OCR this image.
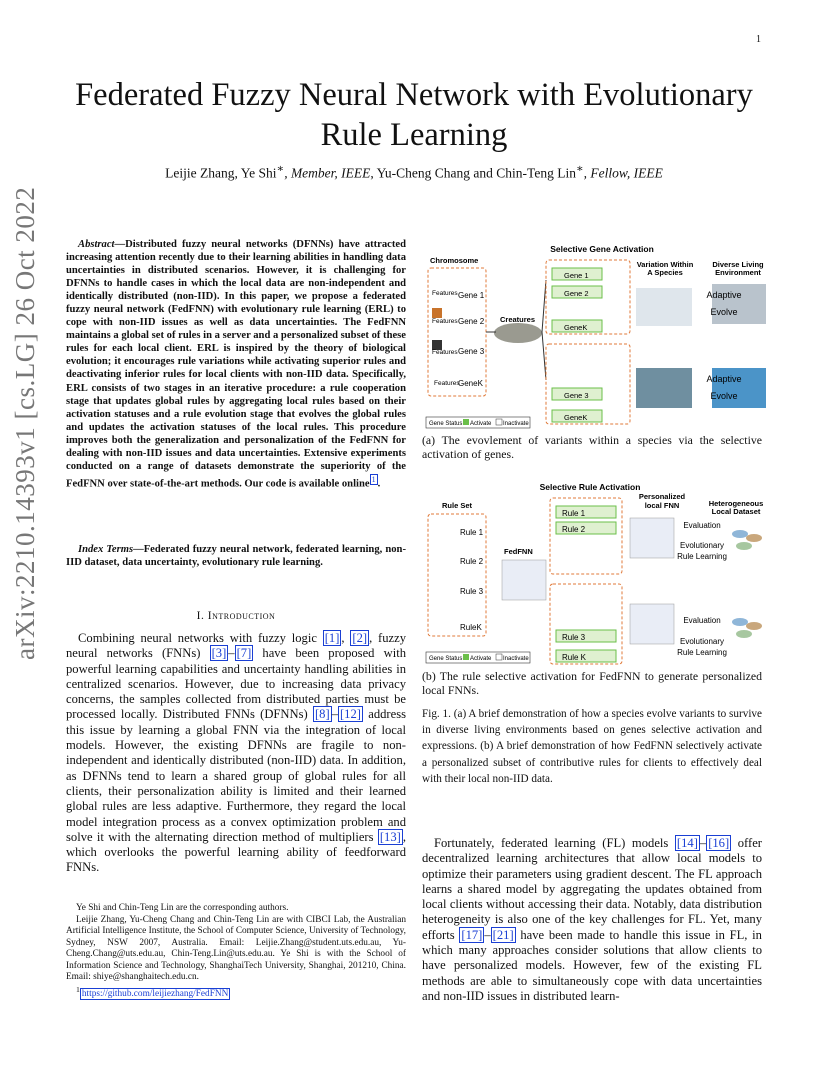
1
arXiv:2210.14393v1 [cs.LG] 26 Oct 2022
Federated Fuzzy Neural Network with Evolutionary
Rule Learning
Leijie Zhang, Ye Shi∗, Member, IEEE, Yu-Cheng Chang and Chin-Teng Lin∗, Fellow, IEEE
Abstract—Distributed fuzzy neural networks (DFNNs) have attracted increasing attention recently due to their learning abilities in handling data uncertainties in distributed scenarios. However, it is challenging for DFNNs to handle cases in which the local data are non-independent and identically distributed (non-IID). In this paper, we propose a federated fuzzy neural network (FedFNN) with evolutionary rule learning (ERL) to cope with non-IID issues as well as data uncertainties. The FedFNN maintains a global set of rules in a server and a personalized subset of these rules for each local client. ERL is inspired by the theory of biological evolution; it encourages rule variations while activating superior rules and deactivating inferior rules for local clients with non-IID data. Specifically, ERL consists of two stages in an iterative procedure: a rule cooperation stage that updates global rules by aggregating local rules based on their activation statuses and a rule evolution stage that evolves the global rules and updates the activation statuses of the local rules. This procedure improves both the generalization and personalization of the FedFNN for dealing with non-IID issues and data uncertainties. Extensive experiments conducted on a range of datasets demonstrate the superiority of the FedFNN over state-of-the-art methods. Our code is available online $^1$ .
Index Terms—Federated fuzzy neural network, federated learning, non-IID dataset, data uncertainty, evolutionary rule learning.
I. Introduction
Combining neural networks with fuzzy logic [1] , [2] , fuzzy neural networks (FNNs) [3] – [7] have been proposed with powerful learning capabilities and uncertainty handling abilities in centralized scenarios. However, due to increasing data privacy concerns, the samples collected from distributed parties must be processed locally. Distributed FNNs (DFNNs) [8] – [12] address this issue by learning a global FNN via the integration of local models. However, the existing DFNNs are fragile to non-independent and identically distributed (non-IID) data. In addition, as DFNNs tend to learn a shared group of global rules for all clients, their personalization ability is limited and their learned global rules are less adaptive. Furthermore, they regard the local model integration process as a convex optimization problem and solve it with the alternating direction method of multipliers [13] , which overlooks the powerful learning ability of feedforward FNNs.

Ye Shi and Chin-Teng Lin are the corresponding authors.

Leijie Zhang, Yu-Cheng Chang and Chin-Teng Lin are with CIBCI Lab, the Australian Artificial Intelligence Institute, the School of Computer Science, University of Technology, Sydney, NSW 2007, Australia. Email: Leijie.Zhang@student.uts.edu.au, Yu-Cheng.Chang@uts.edu.au, Chin-Teng.Lin@uts.edu.au. Ye Shi is with the School of Information Science and Technology, ShanghaiTech University, Shanghai, 201210, China. Email: shiye@shanghaitech.edu.cn.

$^1$ https://github.com/leijiezhang/FedFNN

Selective Gene Activation
Chromosome
Features Gene 1
Features Gene 2
Features Gene 3
Features
GeneK
Creatures
Gene 1
Gene 2
GeneK
Gene 3
GeneK
Variation Within
A Species
Diverse Living
Environment
Adaptive
Evolve
Adaptive
Evolve
Gene Status Activate Inactivate
(a) The evovlement of variants within a species via the selective activation of genes.
Selective Rule Activation
Personalized
local FNN	Heterogeneous
Local Dataset
Rule Set
Rule 1
Rule 2
Rule 3
RuleK
FedFNN
Rule 1
Rule 2
Rule 3
Rule K
Evaluation
Evolutionary
Rule Learning
Evaluation
Evolutionary
Rule Learning
Gene Status Activate Inactivate
(b) The rule selective activation for FedFNN to generate personalized local FNNs.
Fig. 1. (a) A brief demonstration of how a species evolve variants to survive in diverse living environments based on genes selective activation and expressions. (b) A brief demonstration of how FedFNN selectively activate a personalized subset of contributive rules for clients to effectively deal with their local non-IID data.
Fortunately, federated learning (FL) models [14] – [16] offer decentralized learning architectures that allow local models to optimize their parameters using gradient descent. The FL approach learns a shared model by aggregating the updates obtained from local clients without accessing their data. Notably, data distribution heterogeneity is also one of the key challenges for FL. Yet, many efforts [17] – [21] have been made to handle this issue in FL, in which many approaches consider solutions that allow clients to have personalized models. However, few of the existing FL methods are able to simultaneously cope with data uncertainties and non-IID issues in distributed learn-
